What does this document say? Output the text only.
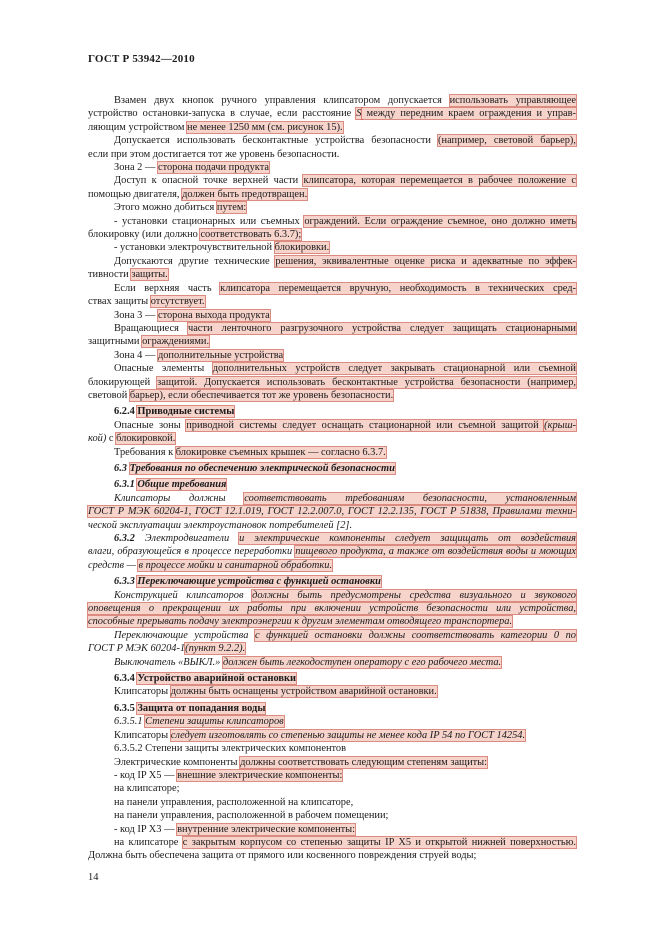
ГОСТ Р 53942—2010
Взамен двух кнопок ручного управления клипсатором допускается использовать управляющее
устройство остановки-запуска в случае, если расстояние S между передним краем ограждения и управ-
ляющим устройством не менее 1250 мм (см. рисунок 15).
Допускается использовать бесконтактные устройства безопасности (например, световой барьер),
если при этом достигается тот же уровень безопасности.
Зона 2 — сторона подачи продукта
Доступ к опасной точке верхней части клипсатора, которая перемещается в рабочее положение с
помощью двигателя, должен быть предотвращен.
Этого можно добиться путем:
- установки стационарных или съемных ограждений. Если ограждение съемное, оно должно иметь
блокировку (или должно соответствовать 6.3.7);
- установки электрочувствительной блокировки.
Допускаются другие технические решения, эквивалентные оценке риска и адекватные по эффек-
тивности защиты.
Если верхняя часть клипсатора перемещается вручную, необходимость в технических сред-
ствах защиты отсутствует.
Зона 3 — сторона выхода продукта
Вращающиеся части ленточного разгрузочного устройства следует защищать стационарными
защитными ограждениями.
Зона 4 — дополнительные устройства
Опасные элементы дополнительных устройств следует закрывать стационарной или съемной
блокирующей защитой. Допускается использовать бесконтактные устройства безопасности (например,
световой барьер), если обеспечивается тот же уровень безопасности.
6.2.4 Приводные системы
Опасные зоны приводной системы следует оснащать стационарной или съемной защитой (крыш-
кой) с блокировкой.
Требования к блокировке съемных крышек — согласно 6.3.7.
6.3 Требования по обеспечению электрической безопасности
6.3.1 Общие требования
Клипсаторы должны соответствовать требованиям безопасности, установленным
ГОСТ Р МЭК 60204-1, ГОСТ 12.1.019, ГОСТ 12.2.007.0, ГОСТ 12.2.135, ГОСТ Р 51838, Правилами техни-
ческой эксплуатации электроустановок потребителей [2].
6.3.2 Электродвигатели и электрические компоненты следует защищать от воздействия
влаги, образующейся в процессе переработки пищевого продукта, а также от воздействия воды и моющих
средств — в процессе мойки и санитарной обработки.
6.3.3 Переключающие устройства с функцией остановки
Конструкцией клипсаторов должны быть предусмотрены средства визуального и звукового
оповещения о прекращении их работы при включении устройств безопасности или устройства,
способные прерывать подачу электроэнергии к другим элементам отводящего транспортера.
Переключающие устройства с функцией остановки должны соответствовать категории 0 по
ГОСТ Р МЭК 60204-1(пункт 9.2.2).
Выключатель «ВЫКЛ.» должен быть легкодоступен оператору с его рабочего места.
6.3.4 Устройство аварийной остановки
Клипсаторы должны быть оснащены устройством аварийной остановки.
6.3.5 Защита от попадания воды
6.3.5.1 Степени защиты клипсаторов
Клипсаторы следует изготовлять со степенью защиты не менее кода IP 54 по ГОСТ 14254.
6.3.5.2 Степени защиты электрических компонентов
Электрические компоненты должны соответствовать следующим степеням защиты:
- код IP X5 — внешние электрические компоненты:
на клипсаторе;
на панели управления, расположенной на клипсаторе,
на панели управления, расположенной в рабочем помещении;
- код IP X3 — внутренние электрические компоненты:
на клипсаторе с закрытым корпусом со степенью защиты IP X5 и открытой нижней поверхностью.
Должна быть обеспечена защита от прямого или косвенного повреждения струей воды;
14
